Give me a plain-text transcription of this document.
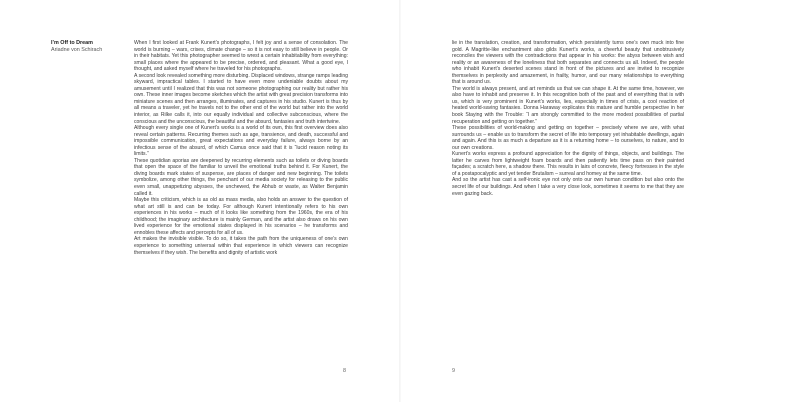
I’m Off to Dream
Ariadne von Schirach

When I first looked at Frank Kunert’s photographs, I felt joy and a sense of consolation. The world is burning – wars, crises, climate change – so it is not easy to still believe in people. Or in their habitats. Yet this photographer seemed to wrest a certain inhabitability from everything: small places where the appeared to be precise, ordered, and pleasant. What a good eye, I thought, and asked myself where he traveled for his photographs.

A second look revealed something more disturbing. Displaced windows, strange ramps leading skyward, impractical tables. I started to have even more undeniable doubts about my amusement until I realized that this was not someone photographing our reality but rather his own. These inner images become sketches which the artist with great precision transforms into miniature scenes and then arranges, illuminates, and captures in his studio. Kunert is thus by all means a traveler, yet he travels not to the other end of the world but rather into the world interior, as Rilke calls it, into our equally individual and collective subconscious, where the conscious and the unconscious, the beautiful and the absurd, fantasies and truth intertwine.

Although every single one of Kunert’s works is a world of its own, this first overview does also reveal certain patterns. Recurring themes such as age, transience, and death, successful and impossible communication, great expectations and everyday failure, always borne by an infectious sense of the absurd, of which Camus once said that it is “lucid reason noting its limits.”

These quotidian aporias are deepened by recurring elements such as toilets or diving boards that open the space of the familiar to unveil the emotional truths behind it. For Kunert, the diving boards mark states of suspense, are places of danger and new beginning. The toilets symbolize, among other things, the penchant of our media society for releasing to the public even small, unappetizing abysses, the unchewed, the Abhub or waste, as Walter Benjamin called it.

Maybe this criticism, which is as old as mass media, also holds an answer to the question of what art still is and can be today. For although Kunert intentionally refers to his own experiences in his works – much of it looks like something from the 1960s, the era of his childhood; the imaginary architecture is mainly German, and the artist also draws on his own lived experience for the emotional states displayed in his scenarios – he transforms and ennobles these affects and percepts for all of us.

Art makes the invisible visible. To do so, it takes the path from the uniqueness of one’s own experience to something universal within that experience in which viewers can recognize themselves if they wish. The benefits and dignity of artistic work

8

lie in the translation, creation, and transformation, which persistently turns one’s own muck into fine gold. A Magritte-like enchantment also gilds Kunert’s works, a cheerful beauty that unobtrusively reconciles the viewers with the contradictions that appear in his works: the abyss between wish and reality or an awareness of the loneliness that both separates and connects us all. Indeed, the people who inhabit Kunert’s deserted scenes stand in front of the pictures and are invited to recognize themselves in perplexity and amazement, in frailty, humor, and our many relationships to everything that is around us.

The world is always present, and art reminds us that we can shape it. At the same time, however, we also have to inhabit and preserve it. In this recognition both of the past and of everything that is with us, which is very prominent in Kunert’s works, lies, especially in times of crisis, a cool reaction of heated world-saving fantasies. Donna Haraway explicates this mature and humble perspective in her book Staying with the Trouble: “I am strongly committed to the more modest possibilities of partial recuperation and getting on together.”

These possibilities of world-making and getting on together – precisely where we are, with what surrounds us – enable us to transform the secret of life into temporary yet inhabitable dwellings, again and again. And this is as much a departure as it is a returning home – to ourselves, to nature, and to our own creations.

Kunert’s works express a profound appreciation for the dignity of things, objects, and buildings. The latter he carves from lightweight foam boards and then patiently lets time pass on their painted façades; a scratch here, a shadow there. This results in lairs of concrete, fleecy fortresses in the style of a postapocalyptic and yet tender Brutalism – surreal and homey at the same time.

And so the artist has cast a self-ironic eye not only onto our own human condition but also onto the secret life of our buildings. And when I take a very close look, sometimes it seems to me that they are even gazing back.

9
